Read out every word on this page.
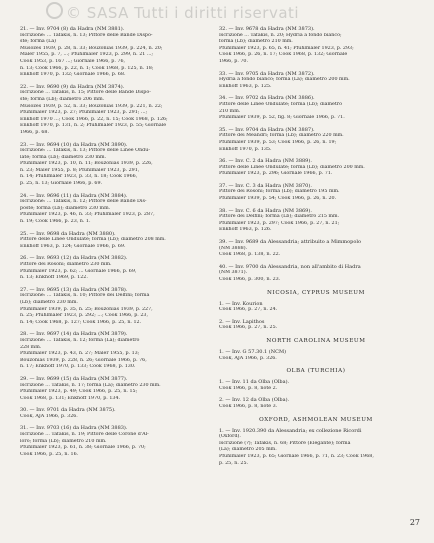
© SASA Tutti i diritti riservati
21. — Inv. 9704 (8) da Hadra (NM 3881).
Iscrizione: ... Tafakis, n. 13; Pittore delle Bande Dispo-
ste; forma (La)
Musozes 1939, p. 28, n. 33; Bouzonias 1939, p. 224, n. 20;
Maler 1955, p. 7, ...; Pfuhlmaler 1923, p. 299, n. 21 ...;
Cook 1953, p. 167 ...; Giornale 1966, p. 76,
n. 13; Cook 1966, p. 22, n. 1; Cook 1968, p. 125, n. 18;
Enkhoff 1970, p. 132; Giornale 1966, p. 68.
22. — Inv. 9690 (9) da Hadra (NM 3874).
Iscrizione ... Tafakis, n. 15; Pittore delle Bande Dispo-
ste; forma (Lb); diametro 206 mm.
Musozes 1939, p. 52, n. 33; Bouzonias 1939, p. 221, n. 22;
Pfuhlmaler 1923, p. 27; Pfuhlmaler 1923, p. 291; ...;
Enkhoff 1970 ...; Cook 1966, p. 22, n. 15; Cook 1968, p. 126;
Enkhoff 1970, p. 131, n. 2; Pfuhlmaler 1923, p. 55; Giornale
1966, p. 68.
23. — Inv. 9694 (10) da Hadra (NM 3890).
Iscrizione: ... Tafakis, n. 13; Pittore delle Linee Ondu-
late; forma (Lb); diametro 230 mm.
Pfuhlmaler 1923, p. 10, n. 11; Bouzonias 1939, p. 226,
n. 23; Maler 1955, p. 8; Pfuhlmaler 1923, p. 291,
n. 14; Pfuhlmaler 1923, p. 33, n. 18; Cook 1966,
p. 25, n. 13; Giornale 1966, p. 69.
24. — Inv. 9696 (11) da Hadra (NM 3884).
Iscrizione: ... Tafakis, n. 12; Pittore delle Bande Dis-
poste; forma (Lb); diametro 230 mm.
Pfuhlmaler 1923, p. 46, n. 33; Pfuhlmaler 1923, p. 287,
n. 19; Cook 1966, p. 23, n. 1.
25. — Inv. 9698 da Hadra (NM 3880).
Pittore delle Linee Ondulate; forma (Lb); diametro 208 mm.
Enkhoff 1963, p. 124; Giornale 1966, p. 69.
26. — Inv. 9693 (12) da Hadra (NM 3882).
Pittore dei Rosoni; diametro 230 mm.
Pfuhlmaler 1923, p. 62; ... Giornale 1966, p. 69,
n. 13; Enkhoff 1969, p. 122.
27. — Inv. 9695 (13) da Hadra (NM 3878).
Iscrizione: ... Tafakis, n. 10; Pittore dei Delfini; forma
(Lb); diametro 230 mm.
Pfuhlmaler 1939, p. 35, n. 25; Bouzonias 1939, p. 227,
n. 25; Pfuhlmaler 1923, p. 292; ...; Cook 1966, p. 23,
n. 14; Cook 1968, p. 127; Cook 1966, p. 25, n. 12.
28. — Inv. 9697 (14) da Hadra (NM 3879).
Iscrizione: ... Tafakis, n. 12; forma (La); diametro
228 mm.
Pfuhlmaler 1923, p. 43, n. 27; Maler 1955, p. 13;
Bouzonias 1939, p. 228, n. 26; Giornale 1966, p. 76,
n. 17; Enkhoff 1970, p. 133; Cook 1968, p. 130.
29. — Inv. 9699 (15) da Hadra (NM 3877).
Iscrizione ... Tafakis, n. 17; forma (La); diametro 230 mm.
Pfuhlmaler 1923, p. 49; Cook 1966, p. 25, n. 15;
Cook 1968, p. 131; Enkhoff 1970, p. 134.
30. — Inv. 9701 da Hadra (NM 3875).
Cook, AJA 1966, p. 326.
31. — Inv. 9703 (16) da Hadra (NM 3883).
Iscrizione ... Tafakis, n. 19; Pittore delle Corone d'Al-
loro; forma (Lb); diametro 210 mm.
Pfuhlmaler 1923, p. 61, n. 38; Giornale 1966, p. 70;
Cook 1966, p. 25, n. 16.
32. — Inv. 9678 da Hadra (NM 3873).
Iscrizione ... Tafakis, n. 20; Hydria a fondo bianco;
forma (Lb); diametro 210 mm.
Pfuhlmaler 1923, p. 65, n. 41; Pfuhlmaler 1923, p. 293;
Cook 1966, p. 26, n. 17; Cook 1968, p. 132; Giornale
1966, p. 70.
33. — Inv. 9705 da Hadra (NM 3872).
Hydria a fondo bianco; forma (La); diametro 200 mm.
Enkhoff 1963, p. 125.
34. — Inv. 9702 da Hadra (NM 3886).
Pittore delle Linee Ondulate; forma (Lb); diametro
210 mm.
Pfuhlmaler 1939, p. 52, fig. 8; Giornale 1966, p. 71.
35. — Inv. 9704 da Hadra (NM 3887).
Pittore dei Meandri; forma (Lb); diametro 220 mm.
Pfuhlmaler 1939, p. 53; Cook 1966, p. 26, n. 19;
Enkhoff 1970, p. 135.
36. — Inv. C. 2 da Hadra (NM 3889).
Pittore delle Linee Ondulate; forma (Lb); diametro 200 mm.
Pfuhlmaler 1923, p. 296; Giornale 1966, p. 71.
37. — Inv. C. 3 da Hadra (NM 3870).
Pittore dei Rosoni; forma (Lb); diametro 195 mm.
Pfuhlmaler 1939, p. 54; Cook 1966, p. 26, n. 20.
38. — Inv. C. 6 da Hadra (NM 3869).
Pittore dei Delfini; forma (Lb); diametro 215 mm.
Pfuhlmaler 1923, p. 297; Cook 1966, p. 27, n. 21;
Enkhoff 1963, p. 126.
39. — Inv. 9689 da Alessandria; attribuito a Mimmopolo
(NM 3888).
Cook 1968, p. 138, n. 22.
40. — Inv. 9700 da Alessandria, non all'ambito di Hadra
(NM 3871).
Cook 1966, p. 300, n. 23.
NICOSIA, CYPRUS MUSEUM
1. — Inv. Kourion
Cook 1966, p. 27, n. 24.
2. — Inv. Lapithos
Cook 1966, p. 27, n. 25.
NORTH CAROLINA MUSEUM
1. — Inv. G 57.30.1 (NCM)
Cook, AJA 1966, p. 326.
OLBA (TURCHIA)
1. — Inv. 11 da Olba (Olba).
Cook 1966, p. 8, note 2.
2. — Inv. 12 da Olba (Olba).
Cook 1966, p. 8, note 3.
OXFORD, ASHMOLEAN MUSEUM
1. — Inv. 1920.390 da Alessandria; ex collezione Ricordi
(Oxford).
Iscrizione (?); Tafakis, n. 68; Pittore (Elegante); forma
(La); diametro 205 mm.
Pfuhlmaler 1923, p. 65; Giornale 1966, p. 71, n. 23; Cook 1968,
p. 25, n. 25.
27
